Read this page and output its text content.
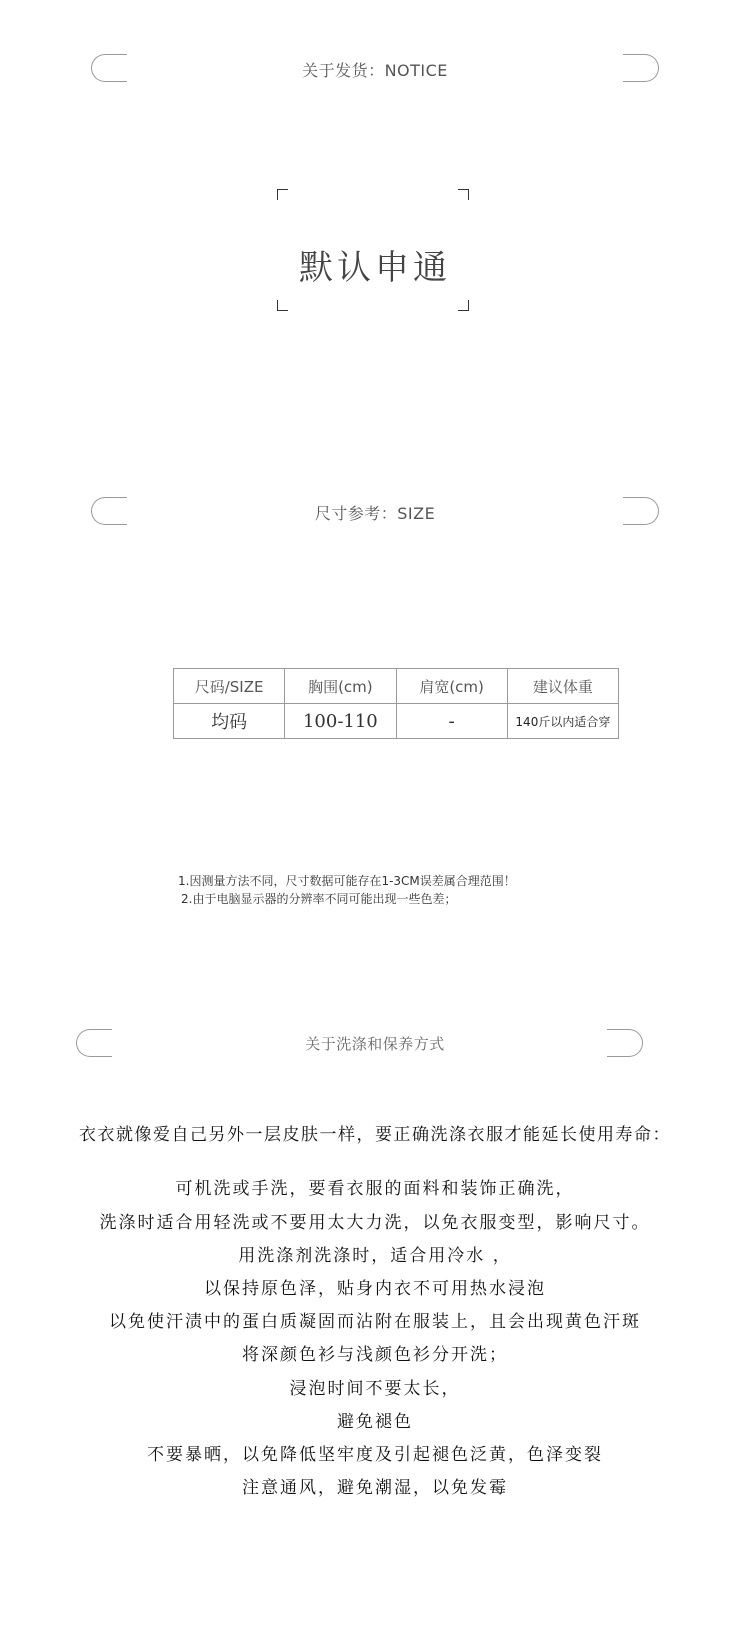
关于发货：NOTICE
默认申通
尺寸参考：SIZE
尺码/SIZE	胸围(cm)	肩宽(cm)	建议体重
均码	100-110	-	140斤以内适合穿
1.因测量方法不同，尺寸数据可能存在1-3CM误差属合理范围！
2.由于电脑显示器的分辨率不同可能出现一些色差；
关于洗涤和保养方式
衣衣就像爱自己另外一层皮肤一样，要正确洗涤衣服才能延长使用寿命：
可机洗或手洗，要看衣服的面料和装饰正确洗，
洗涤时适合用轻洗或不要用太大力洗，以免衣服变型，影响尺寸。
用洗涤剂洗涤时，适合用冷水 ，
以保持原色泽，贴身内衣不可用热水浸泡
以免使汗渍中的蛋白质凝固而沾附在服装上，且会出现黄色汗斑
将深颜色衫与浅颜色衫分开洗；
浸泡时间不要太长，
避免褪色
不要暴晒，以免降低坚牢度及引起褪色泛黄，色泽变裂
注意通风，避免潮湿，以免发霉
